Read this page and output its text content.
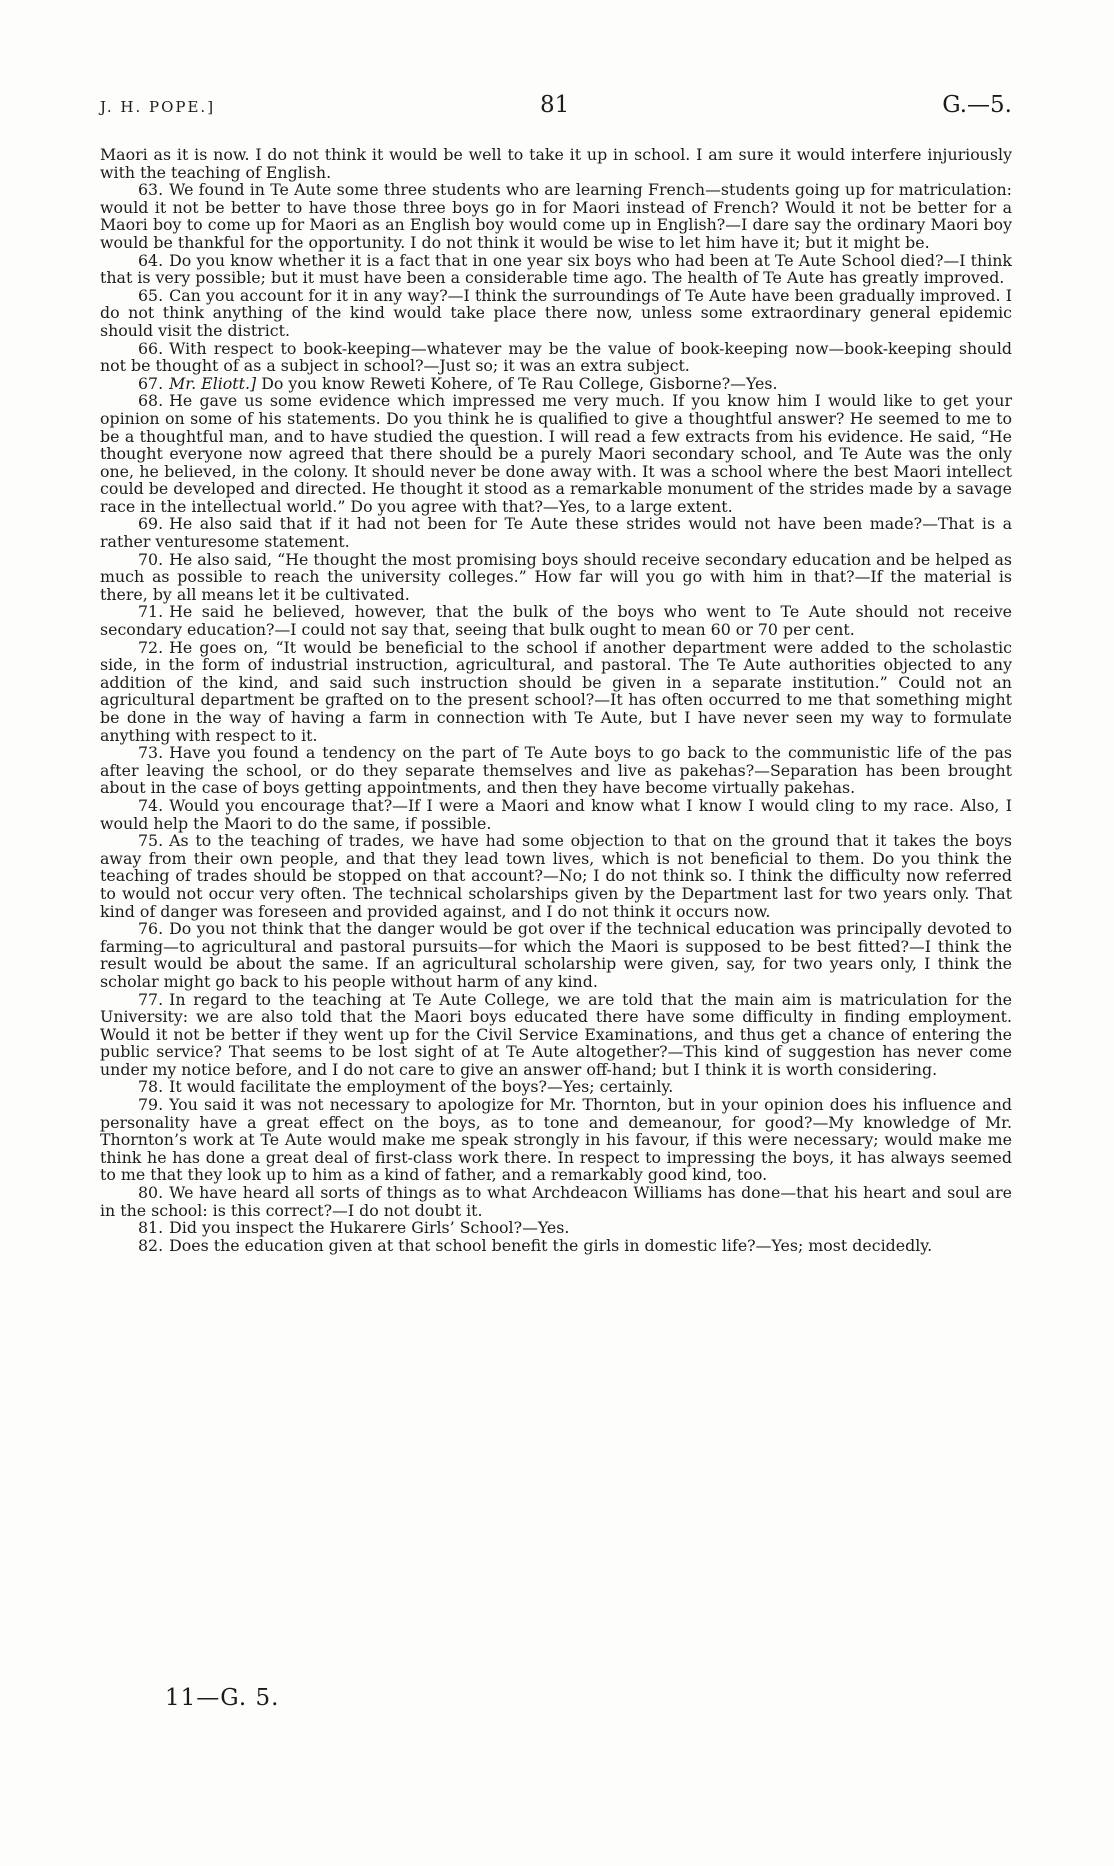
J. H. POPE.]	81	G.—5.

Maori as it is now. I do not think it would be well to take it up in school. I am sure it would interfere injuriously with the teaching of English.

63. We found in Te Aute some three students who are learning French—students going up for matriculation: would it not be better to have those three boys go in for Maori instead of French? Would it not be better for a Maori boy to come up for Maori as an English boy would come up in English?—I dare say the ordinary Maori boy would be thankful for the opportunity. I do not think it would be wise to let him have it; but it might be.

64. Do you know whether it is a fact that in one year six boys who had been at Te Aute School died?—I think that is very possible; but it must have been a considerable time ago. The health of Te Aute has greatly improved.

65. Can you account for it in any way?—I think the surroundings of Te Aute have been gradually improved. I do not think anything of the kind would take place there now, unless some extraordinary general epidemic should visit the district.

66. With respect to book-keeping—whatever may be the value of book-keeping now—book-keeping should not be thought of as a subject in school?—Just so; it was an extra subject.

67. Mr. Eliott.] Do you know Reweti Kohere, of Te Rau College, Gisborne?—Yes.

68. He gave us some evidence which impressed me very much. If you know him I would like to get your opinion on some of his statements. Do you think he is qualified to give a thoughtful answer? He seemed to me to be a thoughtful man, and to have studied the question. I will read a few extracts from his evidence. He said, “He thought everyone now agreed that there should be a purely Maori secondary school, and Te Aute was the only one, he believed, in the colony. It should never be done away with. It was a school where the best Maori intellect could be developed and directed. He thought it stood as a remarkable monument of the strides made by a savage race in the intellectual world.” Do you agree with that?—Yes, to a large extent.

69. He also said that if it had not been for Te Aute these strides would not have been made?—That is a rather venturesome statement.

70. He also said, “He thought the most promising boys should receive secondary education and be helped as much as possible to reach the university colleges.” How far will you go with him in that?—If the material is there, by all means let it be cultivated.

71. He said he believed, however, that the bulk of the boys who went to Te Aute should not receive secondary education?—I could not say that, seeing that bulk ought to mean 60 or 70 per cent.

72. He goes on, “It would be beneficial to the school if another department were added to the scholastic side, in the form of industrial instruction, agricultural, and pastoral. The Te Aute authorities objected to any addition of the kind, and said such instruction should be given in a separate institution.” Could not an agricultural department be grafted on to the present school?—It has often occurred to me that something might be done in the way of having a farm in connection with Te Aute, but I have never seen my way to formulate anything with respect to it.

73. Have you found a tendency on the part of Te Aute boys to go back to the communistic life of the pas after leaving the school, or do they separate themselves and live as pakehas?—Separation has been brought about in the case of boys getting appointments, and then they have become virtually pakehas.

74. Would you encourage that?—If I were a Maori and know what I know I would cling to my race. Also, I would help the Maori to do the same, if possible.

75. As to the teaching of trades, we have had some objection to that on the ground that it takes the boys away from their own people, and that they lead town lives, which is not beneficial to them. Do you think the teaching of trades should be stopped on that account?—No; I do not think so. I think the difficulty now referred to would not occur very often. The technical scholarships given by the Department last for two years only. That kind of danger was foreseen and provided against, and I do not think it occurs now.

76. Do you not think that the danger would be got over if the technical education was principally devoted to farming—to agricultural and pastoral pursuits—for which the Maori is supposed to be best fitted?—I think the result would be about the same. If an agricultural scholarship were given, say, for two years only, I think the scholar might go back to his people without harm of any kind.

77. In regard to the teaching at Te Aute College, we are told that the main aim is matriculation for the University: we are also told that the Maori boys educated there have some difficulty in finding employment. Would it not be better if they went up for the Civil Service Examinations, and thus get a chance of entering the public service? That seems to be lost sight of at Te Aute altogether?—This kind of suggestion has never come under my notice before, and I do not care to give an answer off-hand; but I think it is worth considering.

78. It would facilitate the employment of the boys?—Yes; certainly.

79. You said it was not necessary to apologize for Mr. Thornton, but in your opinion does his influence and personality have a great effect on the boys, as to tone and demeanour, for good?—My knowledge of Mr. Thornton’s work at Te Aute would make me speak strongly in his favour, if this were necessary; would make me think he has done a great deal of first-class work there. In respect to impressing the boys, it has always seemed to me that they look up to him as a kind of father, and a remarkably good kind, too.

80. We have heard all sorts of things as to what Archdeacon Williams has done—that his heart and soul are in the school: is this correct?—I do not doubt it.

81. Did you inspect the Hukarere Girls’ School?—Yes.

82. Does the education given at that school benefit the girls in domestic life?—Yes; most decidedly.

11—G. 5.
